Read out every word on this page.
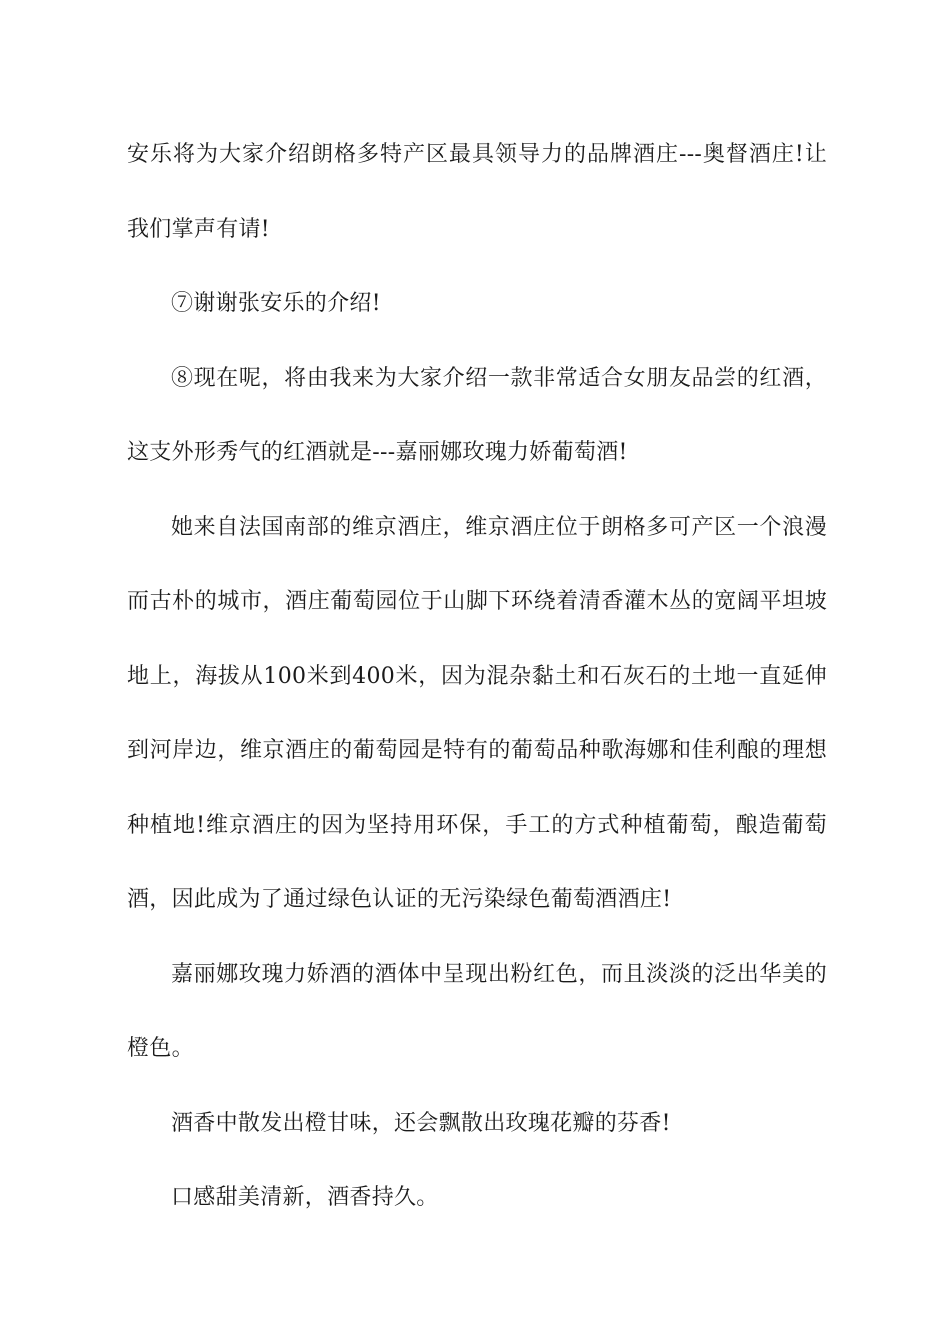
安乐将为大家介绍朗格多特产区最具领导力的品牌酒庄---奥督酒庄!让我们掌声有请!

⑦谢谢张安乐的介绍!

⑧现在呢，将由我来为大家介绍一款非常适合女朋友品尝的红酒，这支外形秀气的红酒就是---嘉丽娜玫瑰力娇葡萄酒!

她来自法国南部的维京酒庄，维京酒庄位于朗格多可产区一个浪漫而古朴的城市，酒庄葡萄园位于山脚下环绕着清香灌木丛的宽阔平坦坡地上，海拔从100米到400米，因为混杂黏土和石灰石的土地一直延伸到河岸边，维京酒庄的葡萄园是特有的葡萄品种歌海娜和佳利酿的理想种植地!维京酒庄的因为坚持用环保，手工的方式种植葡萄，酿造葡萄酒，因此成为了通过绿色认证的无污染绿色葡萄酒酒庄!

嘉丽娜玫瑰力娇酒的酒体中呈现出粉红色，而且淡淡的泛出华美的橙色。

酒香中散发出橙甘味，还会飘散出玫瑰花瓣的芬香!

口感甜美清新，酒香持久。
